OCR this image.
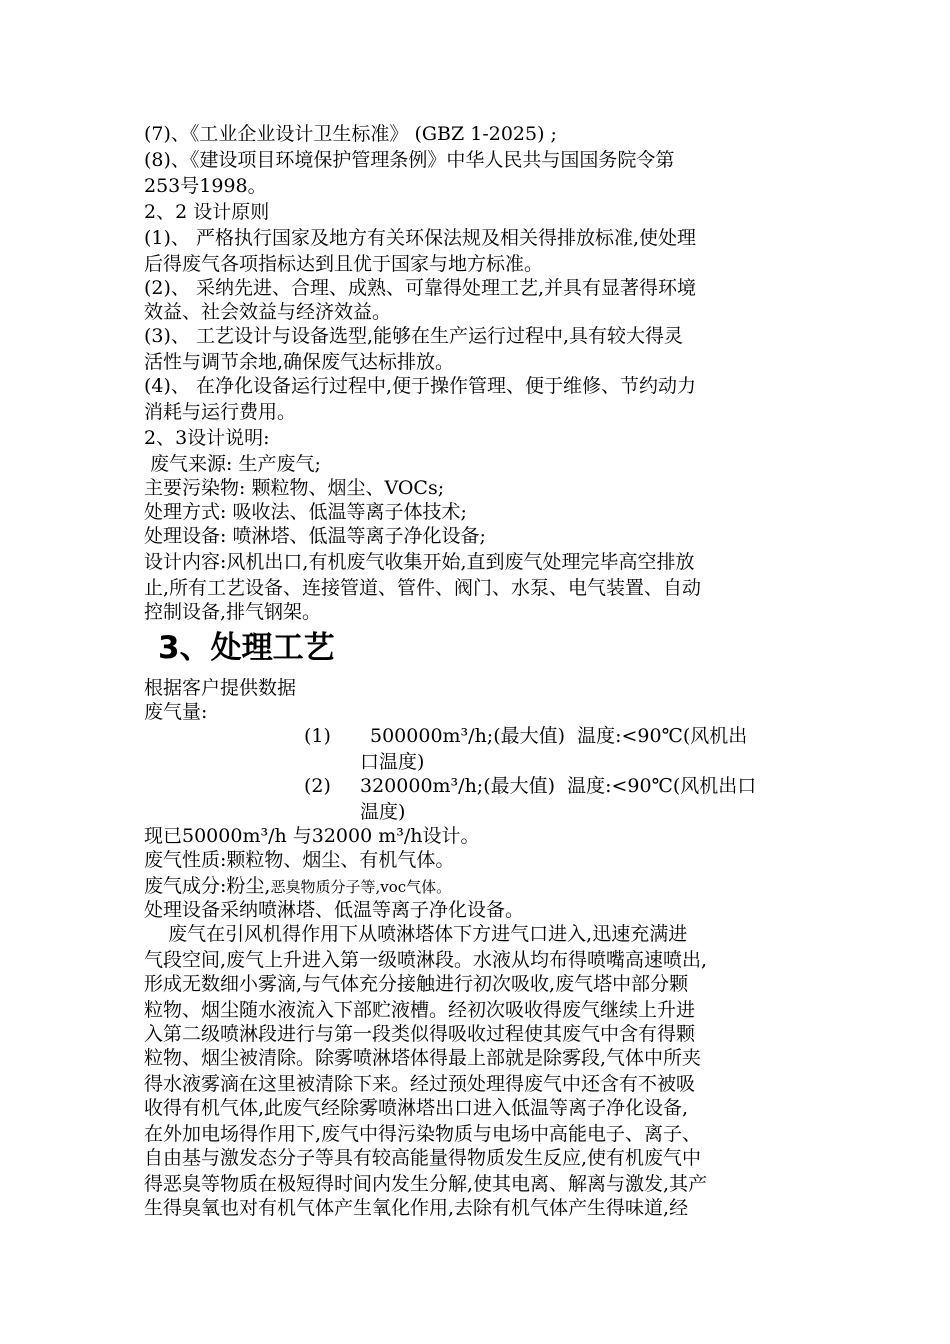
(7)、《工业企业设计卫生标准》 (GBZ 1-2025) ;

(8)、《建设项目环境保护管理条例》中华人民共与国国务院令第

253号1998。

2、2 设计原则

(1)、 严格执行国家及地方有关环保法规及相关得排放标准,使处理

后得废气各项指标达到且优于国家与地方标准。

(2)、 采纳先进、合理、成熟、可靠得处理工艺,并具有显著得环境

效益、社会效益与经济效益。

(3)、 工艺设计与设备选型,能够在生产运行过程中,具有较大得灵

活性与调节余地,确保废气达标排放。

(4)、 在净化设备运行过程中,便于操作管理、便于维修、节约动力

消耗与运行费用。

2、3设计说明:

废气来源: 生产废气;

主要污染物: 颗粒物、烟尘、VOCs;

处理方式: 吸收法、低温等离子体技术;

处理设备: 喷淋塔、低温等离子净化设备;

设计内容:风机出口,有机废气收集开始,直到废气处理完毕高空排放

止,所有工艺设备、连接管道、管件、阀门、水泵、电气装置、自动

控制设备,排气钢架。

3、处理工艺

根据客户提供数据

废气量:

(1) 500000m³/h;(最大值)  温度:<90℃(风机出

口温度)

(2) 320000m³/h;(最大值)  温度:<90℃(风机出口

温度)

现已50000m³/h 与32000 m³/h设计。

废气性质:颗粒物、烟尘、有机气体。

废气成分:粉尘,恶臭物质分子等,voc气体。

处理设备采纳喷淋塔、低温等离子净化设备。

废气在引风机得作用下从喷淋塔体下方进气口进入,迅速充满进

气段空间,废气上升进入第一级喷淋段。水液从均布得喷嘴高速喷出,

形成无数细小雾滴,与气体充分接触进行初次吸收,废气塔中部分颗

粒物、烟尘随水液流入下部贮液槽。经初次吸收得废气继续上升进

入第二级喷淋段进行与第一段类似得吸收过程使其废气中含有得颗

粒物、烟尘被清除。除雾喷淋塔体得最上部就是除雾段,气体中所夹

得水液雾滴在这里被清除下来。经过预处理得废气中还含有不被吸

收得有机气体,此废气经除雾喷淋塔出口进入低温等离子净化设备,

在外加电场得作用下,废气中得污染物质与电场中高能电子、离子、

自由基与激发态分子等具有较高能量得物质发生反应,使有机废气中

得恶臭等物质在极短得时间内发生分解,使其电离、解离与激发,其产

生得臭氧也对有机气体产生氧化作用,去除有机气体产生得味道,经
